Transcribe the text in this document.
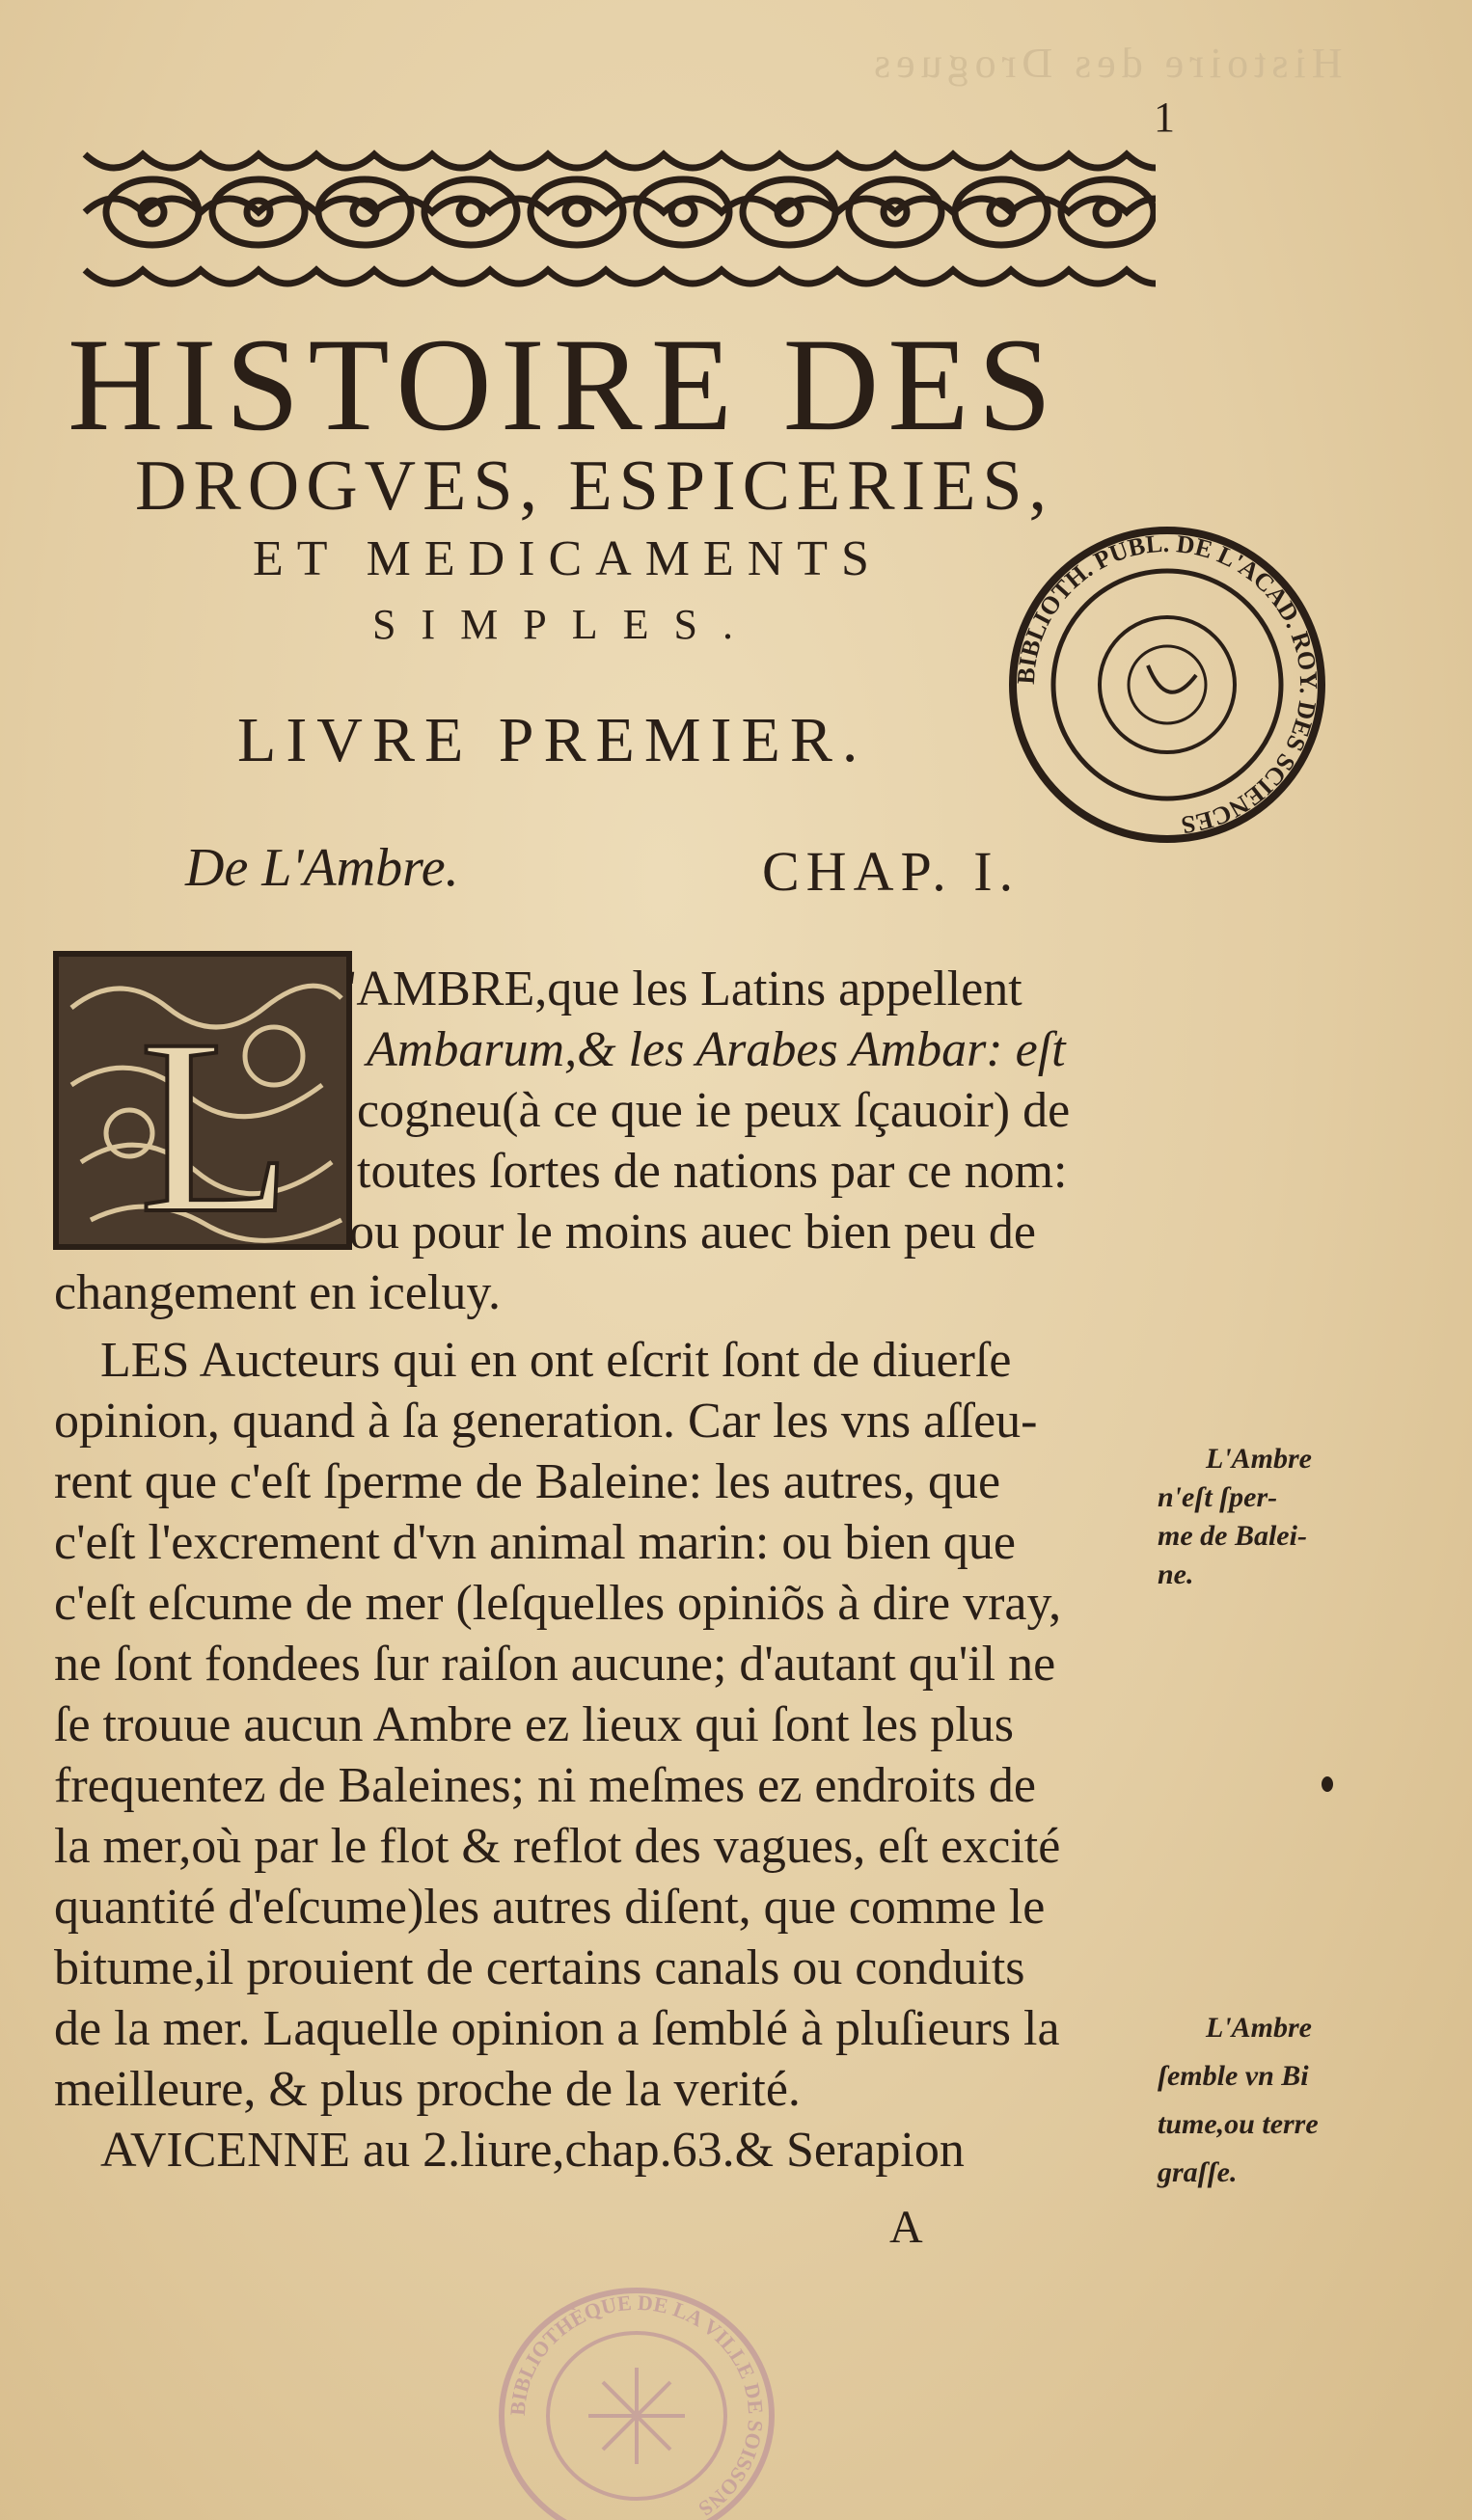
Histoire des Drogues
1
HISTOIRE DES
DROGVES, ESPICERIES,
ET MEDICAMENTS
SIMPLES.
LIVRE PREMIER.
BIBLIOTH. PUBL. DE L'ACAD. ROY. DES SCIENCES
De L'Ambre.	CHAP. I.
L 'AMBRE,que les Latins appellent
Ambarum,& les Arabes Ambar: eſt
cogneu(à ce que ie peux ſçauoir) de
toutes ſortes de nations par ce nom:
ou pour le moins auec bien peu de
changement en iceluy.
LES Aucteurs qui en ont eſcrit ſont de diuerſe
opinion, quand à ſa generation. Car les vns aſſeu-
rent que c'eſt ſperme de Baleine: les autres, que
c'eſt l'excrement d'vn animal marin: ou bien que
c'eſt eſcume de mer (leſquelles opiniõs à dire vray,
ne ſont fondees ſur raiſon aucune; d'autant qu'il ne
ſe trouue aucun Ambre ez lieux qui ſont les plus
frequentez de Baleines; ni meſmes ez endroits de
la mer,où par le flot & reflot des vagues, eſt excité
quantité d'eſcume)les autres diſent, que comme le
bitume,il prouient de certains canals ou conduits
de la mer. Laquelle opinion a ſemblé à pluſieurs la
meilleure, & plus proche de la verité.
AVICENNE au 2.liure,chap.63.& Serapion
L'Ambre
n'eſt ſper-
me de Balei-
ne.
L'Ambre
ſemble vn Bi
tume,ou terre
graſſe.
A
BIBLIOTHÈQUE DE LA VILLE DE SOISSONS
